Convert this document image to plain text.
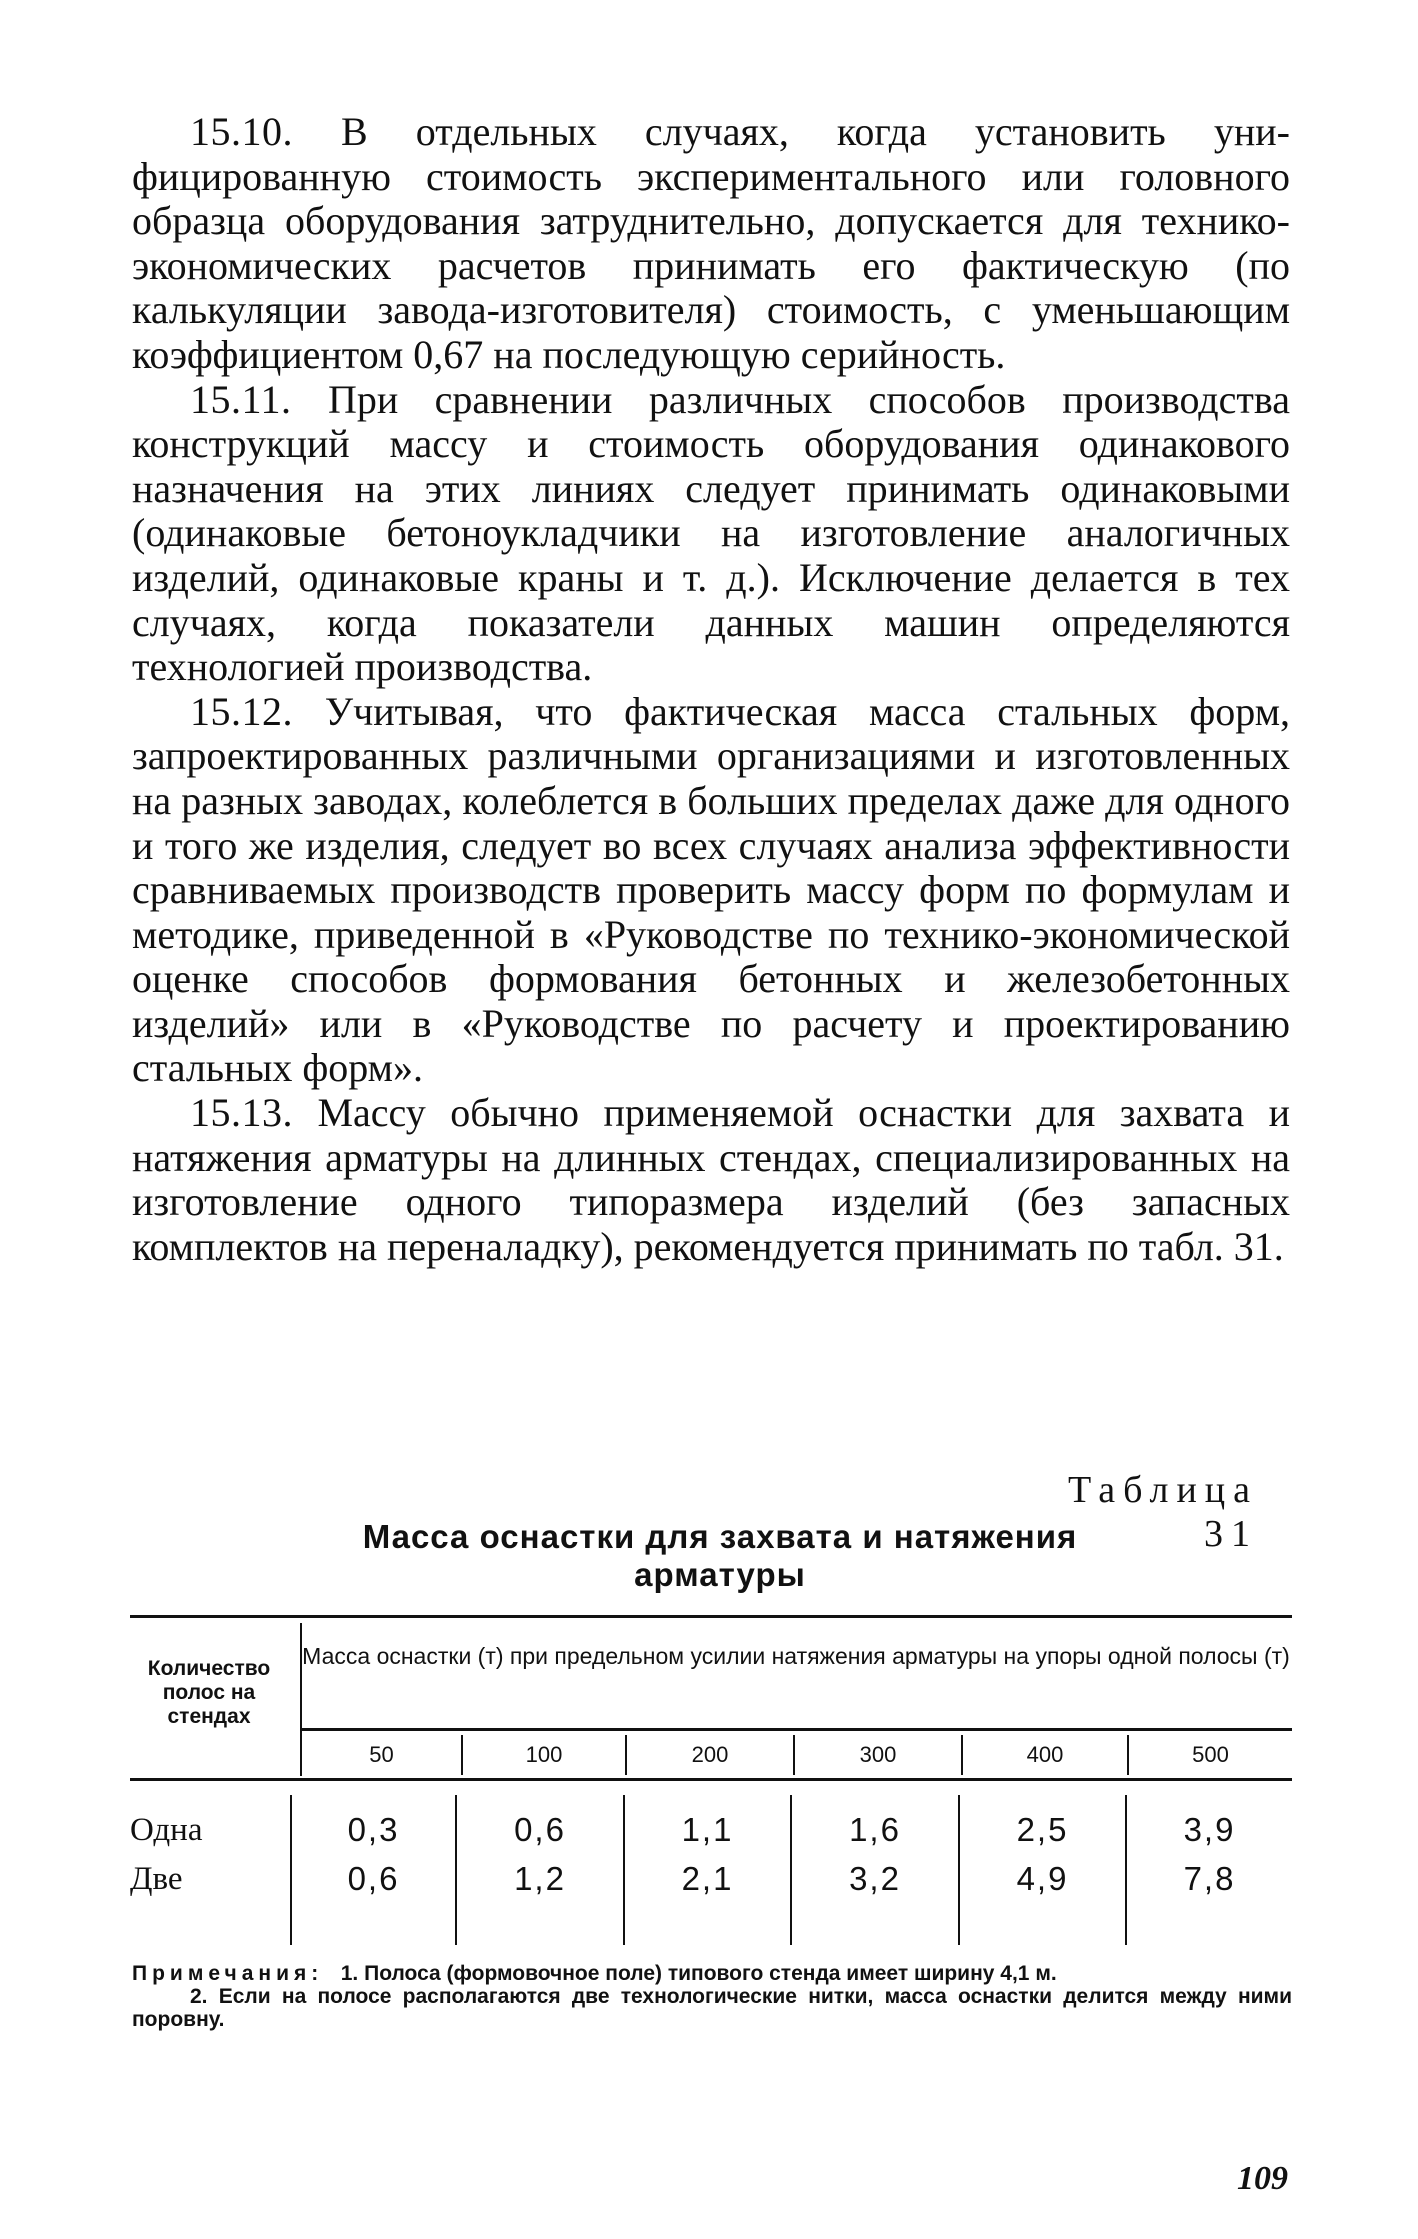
15.10. В отдельных случаях, когда установить унифицированную стоимость экспериментального или головного образца оборудования затруднительно, допускается для технико-экономических расчетов принимать его фактическую (по калькуляции завода-изготовителя) стоимость, с уменьшающим коэффициентом 0,67 на последующую серийность.

15.11. При сравнении различных способов производства конструкций массу и стоимость оборудования одинакового назначения на этих линиях следует принимать одинаковыми (одинаковые бетоноукладчики на изготовление аналогичных изделий, одинаковые краны и т. д.). Исключение делается в тех случаях, когда показатели данных машин определяются технологией производства.

15.12. Учитывая, что фактическая масса стальных форм, запроектированных различными организациями и изготовленных на разных заводах, колеблется в больших пределах даже для одного и того же изделия, следует во всех случаях анализа эффективности сравниваемых производств проверить массу форм по формулам и методике, приведенной в «Руководстве по технико-экономической оценке способов формования бетонных и железобетонных изделий» или в «Руководстве по расчету и проектированию стальных форм».

15.13. Массу обычно применяемой оснастки для захвата и натяжения арматуры на длинных стендах, специализированных на изготовление одного типоразмера изделий (без запасных комплектов на переналадку), рекомендуется принимать по табл. 31.

Таблица 31
Масса оснастки для захвата и натяжения
арматуры
Количество полос на стендах
Масса оснастки (т) при предельном усилии натяжения арматуры на упоры одной полосы (т)
50	100	200	300	400	500
Одна	0,3	0,6	1,1	1,6	2,5	3,9
Две	0,6	1,2	2,1	3,2	4,9	7,8

Примечания: 1. Полоса (формовочное поле) типового стенда имеет ширину 4,1 м.

2. Если на полосе располагаются две технологические нитки, масса оснастки делится между ними поровну.

109
